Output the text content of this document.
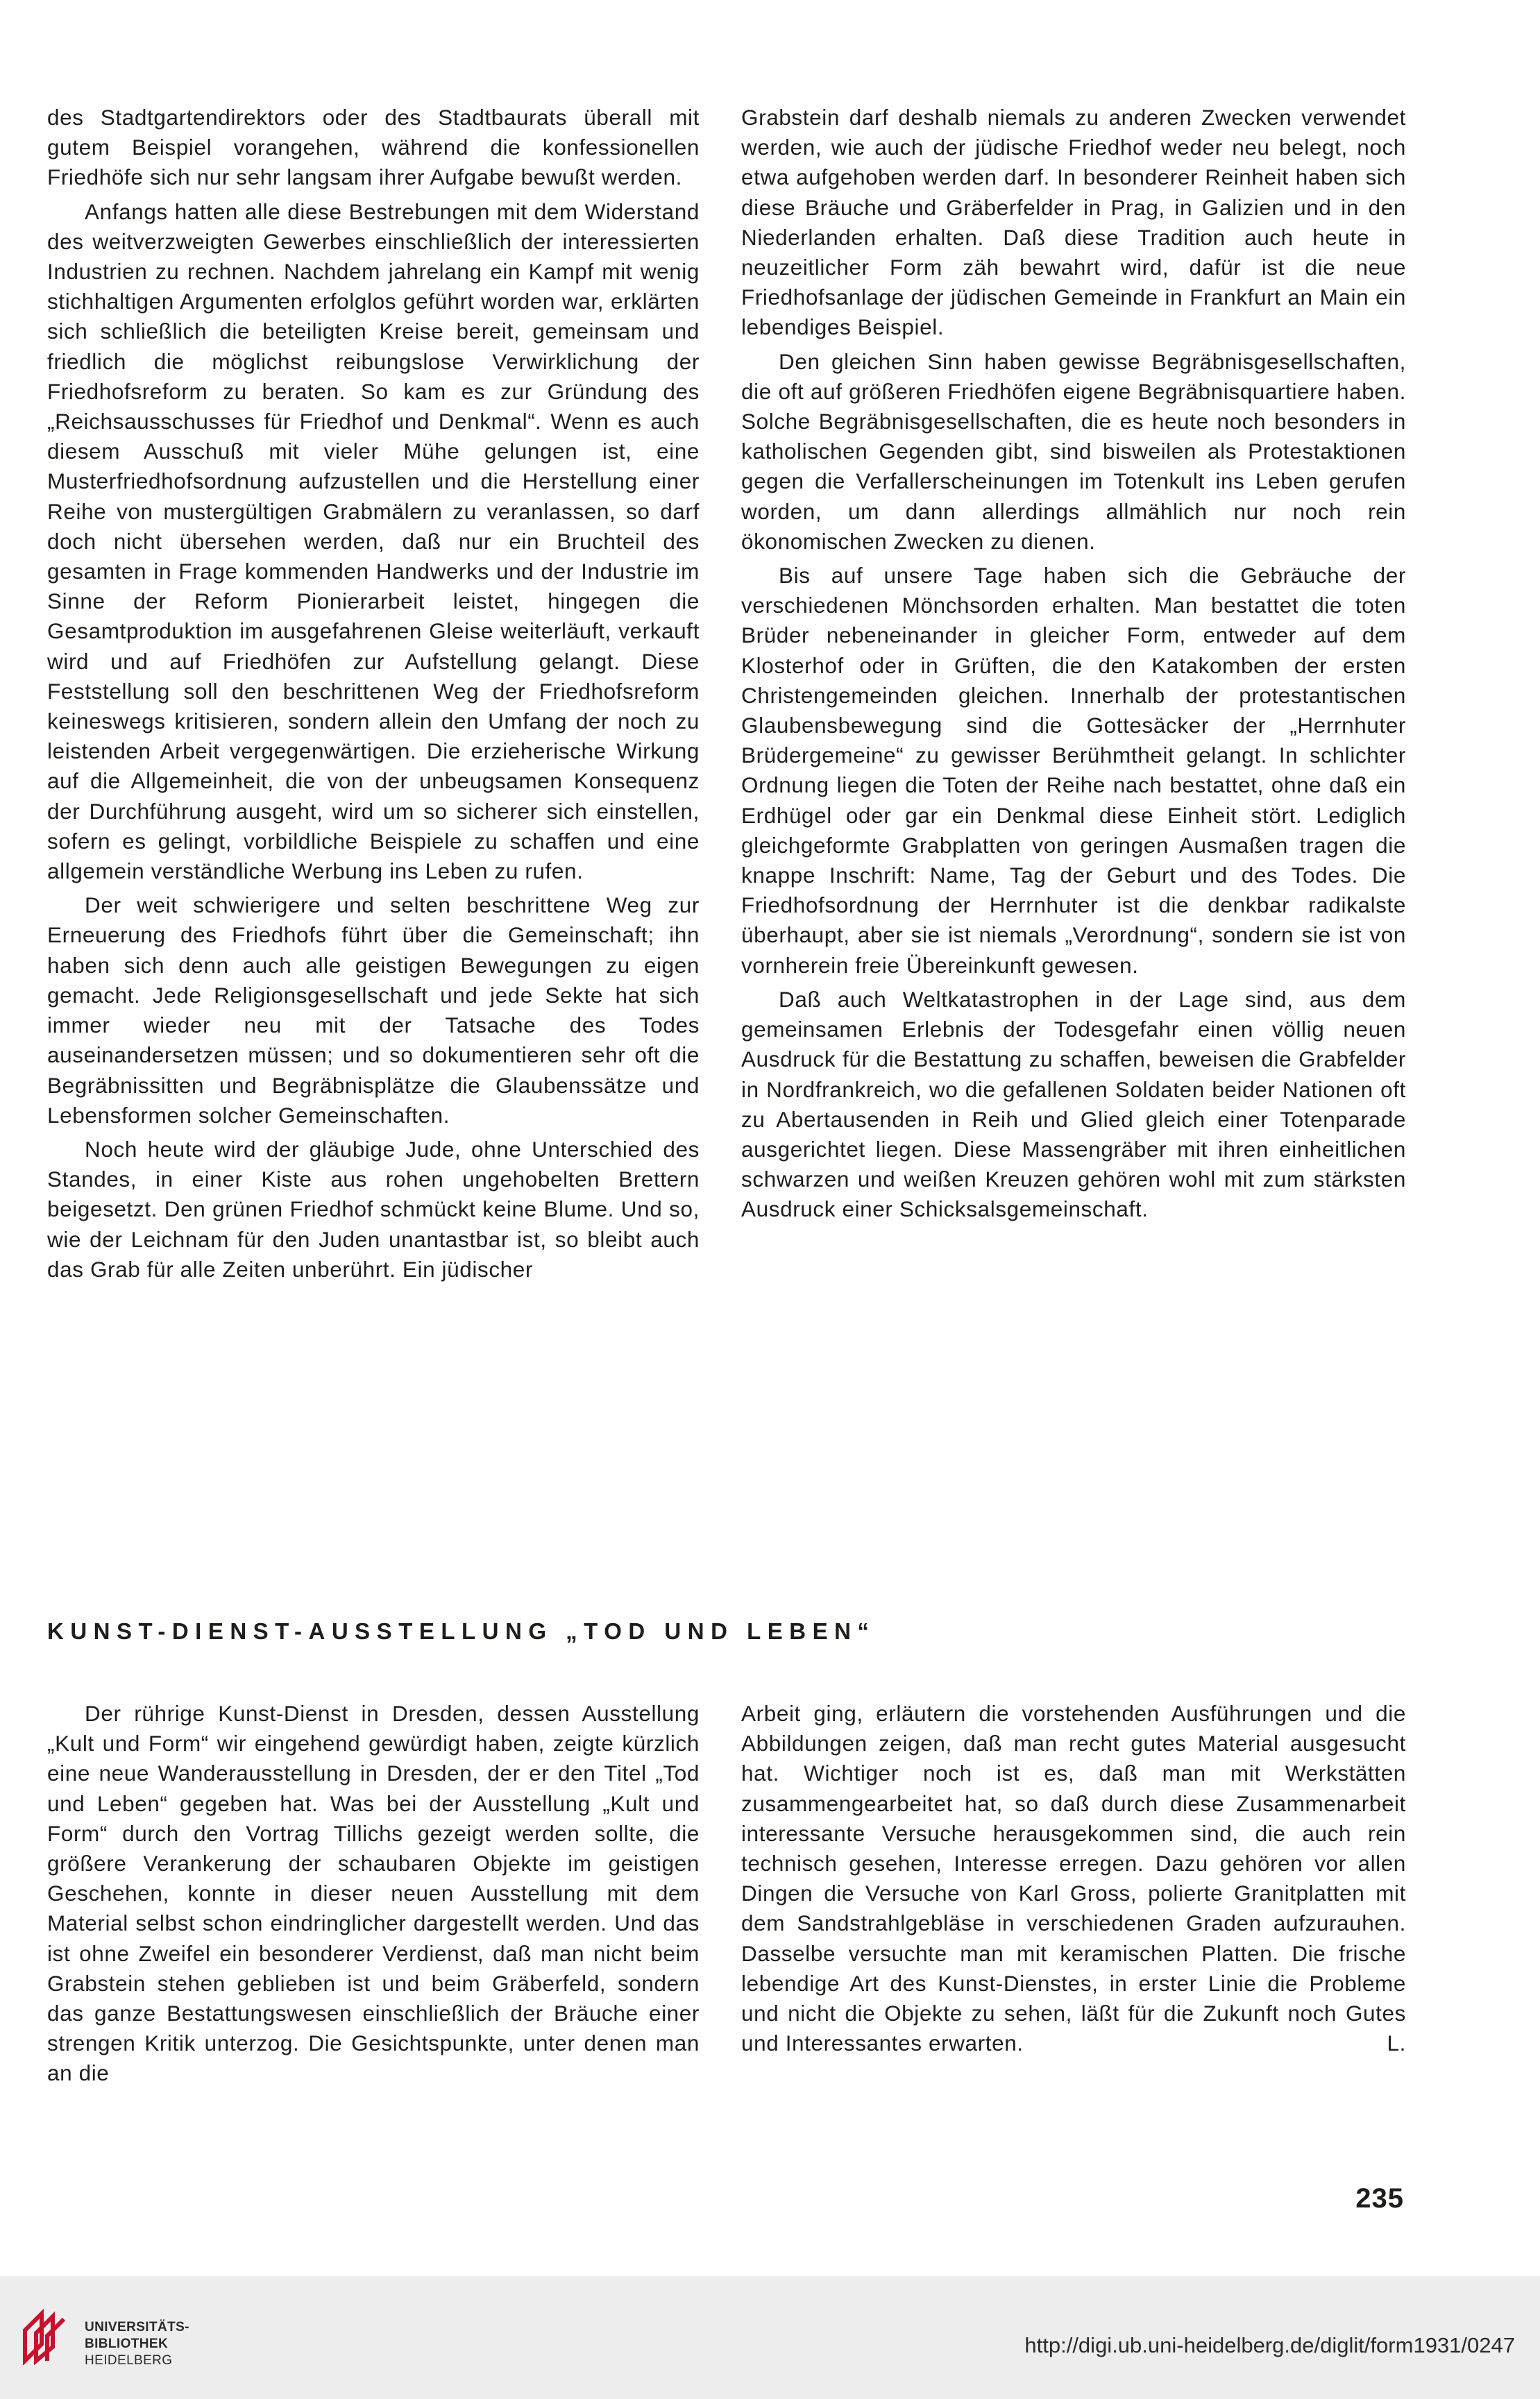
des Stadtgartendirektors oder des Stadtbaurats überall mit gutem Beispiel vorangehen, während die konfessionellen Friedhöfe sich nur sehr langsam ihrer Aufgabe bewußt werden.

Anfangs hatten alle diese Bestrebungen mit dem Widerstand des weitverzweigten Gewerbes einschließlich der interessierten Industrien zu rechnen. Nachdem jahrelang ein Kampf mit wenig stichhaltigen Argumenten erfolglos geführt worden war, erklärten sich schließlich die beteiligten Kreise bereit, gemeinsam und friedlich die möglichst reibungslose Verwirklichung der Friedhofsreform zu beraten. So kam es zur Gründung des „Reichsausschusses für Friedhof und Denkmal“. Wenn es auch diesem Ausschuß mit vieler Mühe gelungen ist, eine Musterfriedhofsordnung aufzustellen und die Herstellung einer Reihe von mustergültigen Grabmälern zu veranlassen, so darf doch nicht übersehen werden, daß nur ein Bruchteil des gesamten in Frage kommenden Handwerks und der Industrie im Sinne der Reform Pionierarbeit leistet, hingegen die Gesamtproduktion im ausgefahrenen Gleise weiterläuft, verkauft wird und auf Friedhöfen zur Aufstellung gelangt. Diese Feststellung soll den beschrittenen Weg der Friedhofsreform keineswegs kritisieren, sondern allein den Umfang der noch zu leistenden Arbeit vergegenwärtigen. Die erzieherische Wirkung auf die Allgemeinheit, die von der unbeugsamen Konsequenz der Durchführung ausgeht, wird um so sicherer sich einstellen, sofern es gelingt, vorbildliche Beispiele zu schaffen und eine allgemein verständliche Werbung ins Leben zu rufen.

Der weit schwierigere und selten beschrittene Weg zur Erneuerung des Friedhofs führt über die Gemeinschaft; ihn haben sich denn auch alle geistigen Bewegungen zu eigen gemacht. Jede Religionsgesellschaft und jede Sekte hat sich immer wieder neu mit der Tatsache des Todes auseinandersetzen müssen; und so dokumentieren sehr oft die Begräbnissitten und Begräbnisplätze die Glaubenssätze und Lebensformen solcher Gemeinschaften.

Noch heute wird der gläubige Jude, ohne Unterschied des Standes, in einer Kiste aus rohen ungehobelten Brettern beigesetzt. Den grünen Friedhof schmückt keine Blume. Und so, wie der Leichnam für den Juden unantastbar ist, so bleibt auch das Grab für alle Zeiten unberührt. Ein jüdischer

Grabstein darf deshalb niemals zu anderen Zwecken verwendet werden, wie auch der jüdische Friedhof weder neu belegt, noch etwa aufgehoben werden darf. In besonderer Reinheit haben sich diese Bräuche und Gräberfelder in Prag, in Galizien und in den Niederlanden erhalten. Daß diese Tradition auch heute in neuzeitlicher Form zäh bewahrt wird, dafür ist die neue Friedhofsanlage der jüdischen Gemeinde in Frankfurt an Main ein lebendiges Beispiel.

Den gleichen Sinn haben gewisse Begräbnisgesellschaften, die oft auf größeren Friedhöfen eigene Begräbnisquartiere haben. Solche Begräbnisgesellschaften, die es heute noch besonders in katholischen Gegenden gibt, sind bisweilen als Protestaktionen gegen die Verfallerscheinungen im Totenkult ins Leben gerufen worden, um dann allerdings allmählich nur noch rein ökonomischen Zwecken zu dienen.

Bis auf unsere Tage haben sich die Gebräuche der verschiedenen Mönchsorden erhalten. Man bestattet die toten Brüder nebeneinander in gleicher Form, entweder auf dem Klosterhof oder in Grüften, die den Katakomben der ersten Christengemeinden gleichen. Innerhalb der protestantischen Glaubensbewegung sind die Gottesäcker der „Herrnhuter Brüdergemeine“ zu gewisser Berühmtheit gelangt. In schlichter Ordnung liegen die Toten der Reihe nach bestattet, ohne daß ein Erdhügel oder gar ein Denkmal diese Einheit stört. Lediglich gleichgeformte Grabplatten von geringen Ausmaßen tragen die knappe Inschrift: Name, Tag der Geburt und des Todes. Die Friedhofsordnung der Herrnhuter ist die denkbar radikalste überhaupt, aber sie ist niemals „Verordnung“, sondern sie ist von vornherein freie Übereinkunft gewesen.

Daß auch Weltkatastrophen in der Lage sind, aus dem gemeinsamen Erlebnis der Todesgefahr einen völlig neuen Ausdruck für die Bestattung zu schaffen, beweisen die Grabfelder in Nordfrankreich, wo die gefallenen Soldaten beider Nationen oft zu Abertausenden in Reih und Glied gleich einer Totenparade ausgerichtet liegen. Diese Massengräber mit ihren einheitlichen schwarzen und weißen Kreuzen gehören wohl mit zum stärksten Ausdruck einer Schicksalsgemeinschaft.

KUNST-DIENST-AUSSTELLUNG „TOD UND LEBEN“

Der rührige Kunst-Dienst in Dresden, dessen Ausstellung „Kult und Form“ wir eingehend gewürdigt haben, zeigte kürzlich eine neue Wanderausstellung in Dresden, der er den Titel „Tod und Leben“ gegeben hat. Was bei der Ausstellung „Kult und Form“ durch den Vortrag Tillichs gezeigt werden sollte, die größere Verankerung der schaubaren Objekte im geistigen Geschehen, konnte in dieser neuen Ausstellung mit dem Material selbst schon eindringlicher dargestellt werden. Und das ist ohne Zweifel ein besonderer Verdienst, daß man nicht beim Grabstein stehen geblieben ist und beim Gräberfeld, sondern das ganze Bestattungswesen einschließlich der Bräuche einer strengen Kritik unterzog. Die Gesichtspunkte, unter denen man an die

Arbeit ging, erläutern die vorstehenden Ausführungen und die Abbildungen zeigen, daß man recht gutes Material ausgesucht hat. Wichtiger noch ist es, daß man mit Werkstätten zusammengearbeitet hat, so daß durch diese Zusammenarbeit interessante Versuche herausgekommen sind, die auch rein technisch gesehen, Interesse erregen. Dazu gehören vor allen Dingen die Versuche von Karl Gross, polierte Granitplatten mit dem Sandstrahlgebläse in verschiedenen Graden aufzurauhen. Dasselbe versuchte man mit keramischen Platten. Die frische lebendige Art des Kunst-Dienstes, in erster Linie die Probleme und nicht die Objekte zu sehen, läßt für die Zukunft noch Gutes und Interessantes erwarten.	L.

235
UNIVERSITÄTS-
BIBLIOTHEK
HEIDELBERG
http://digi.ub.uni-heidelberg.de/diglit/form1931/0247
